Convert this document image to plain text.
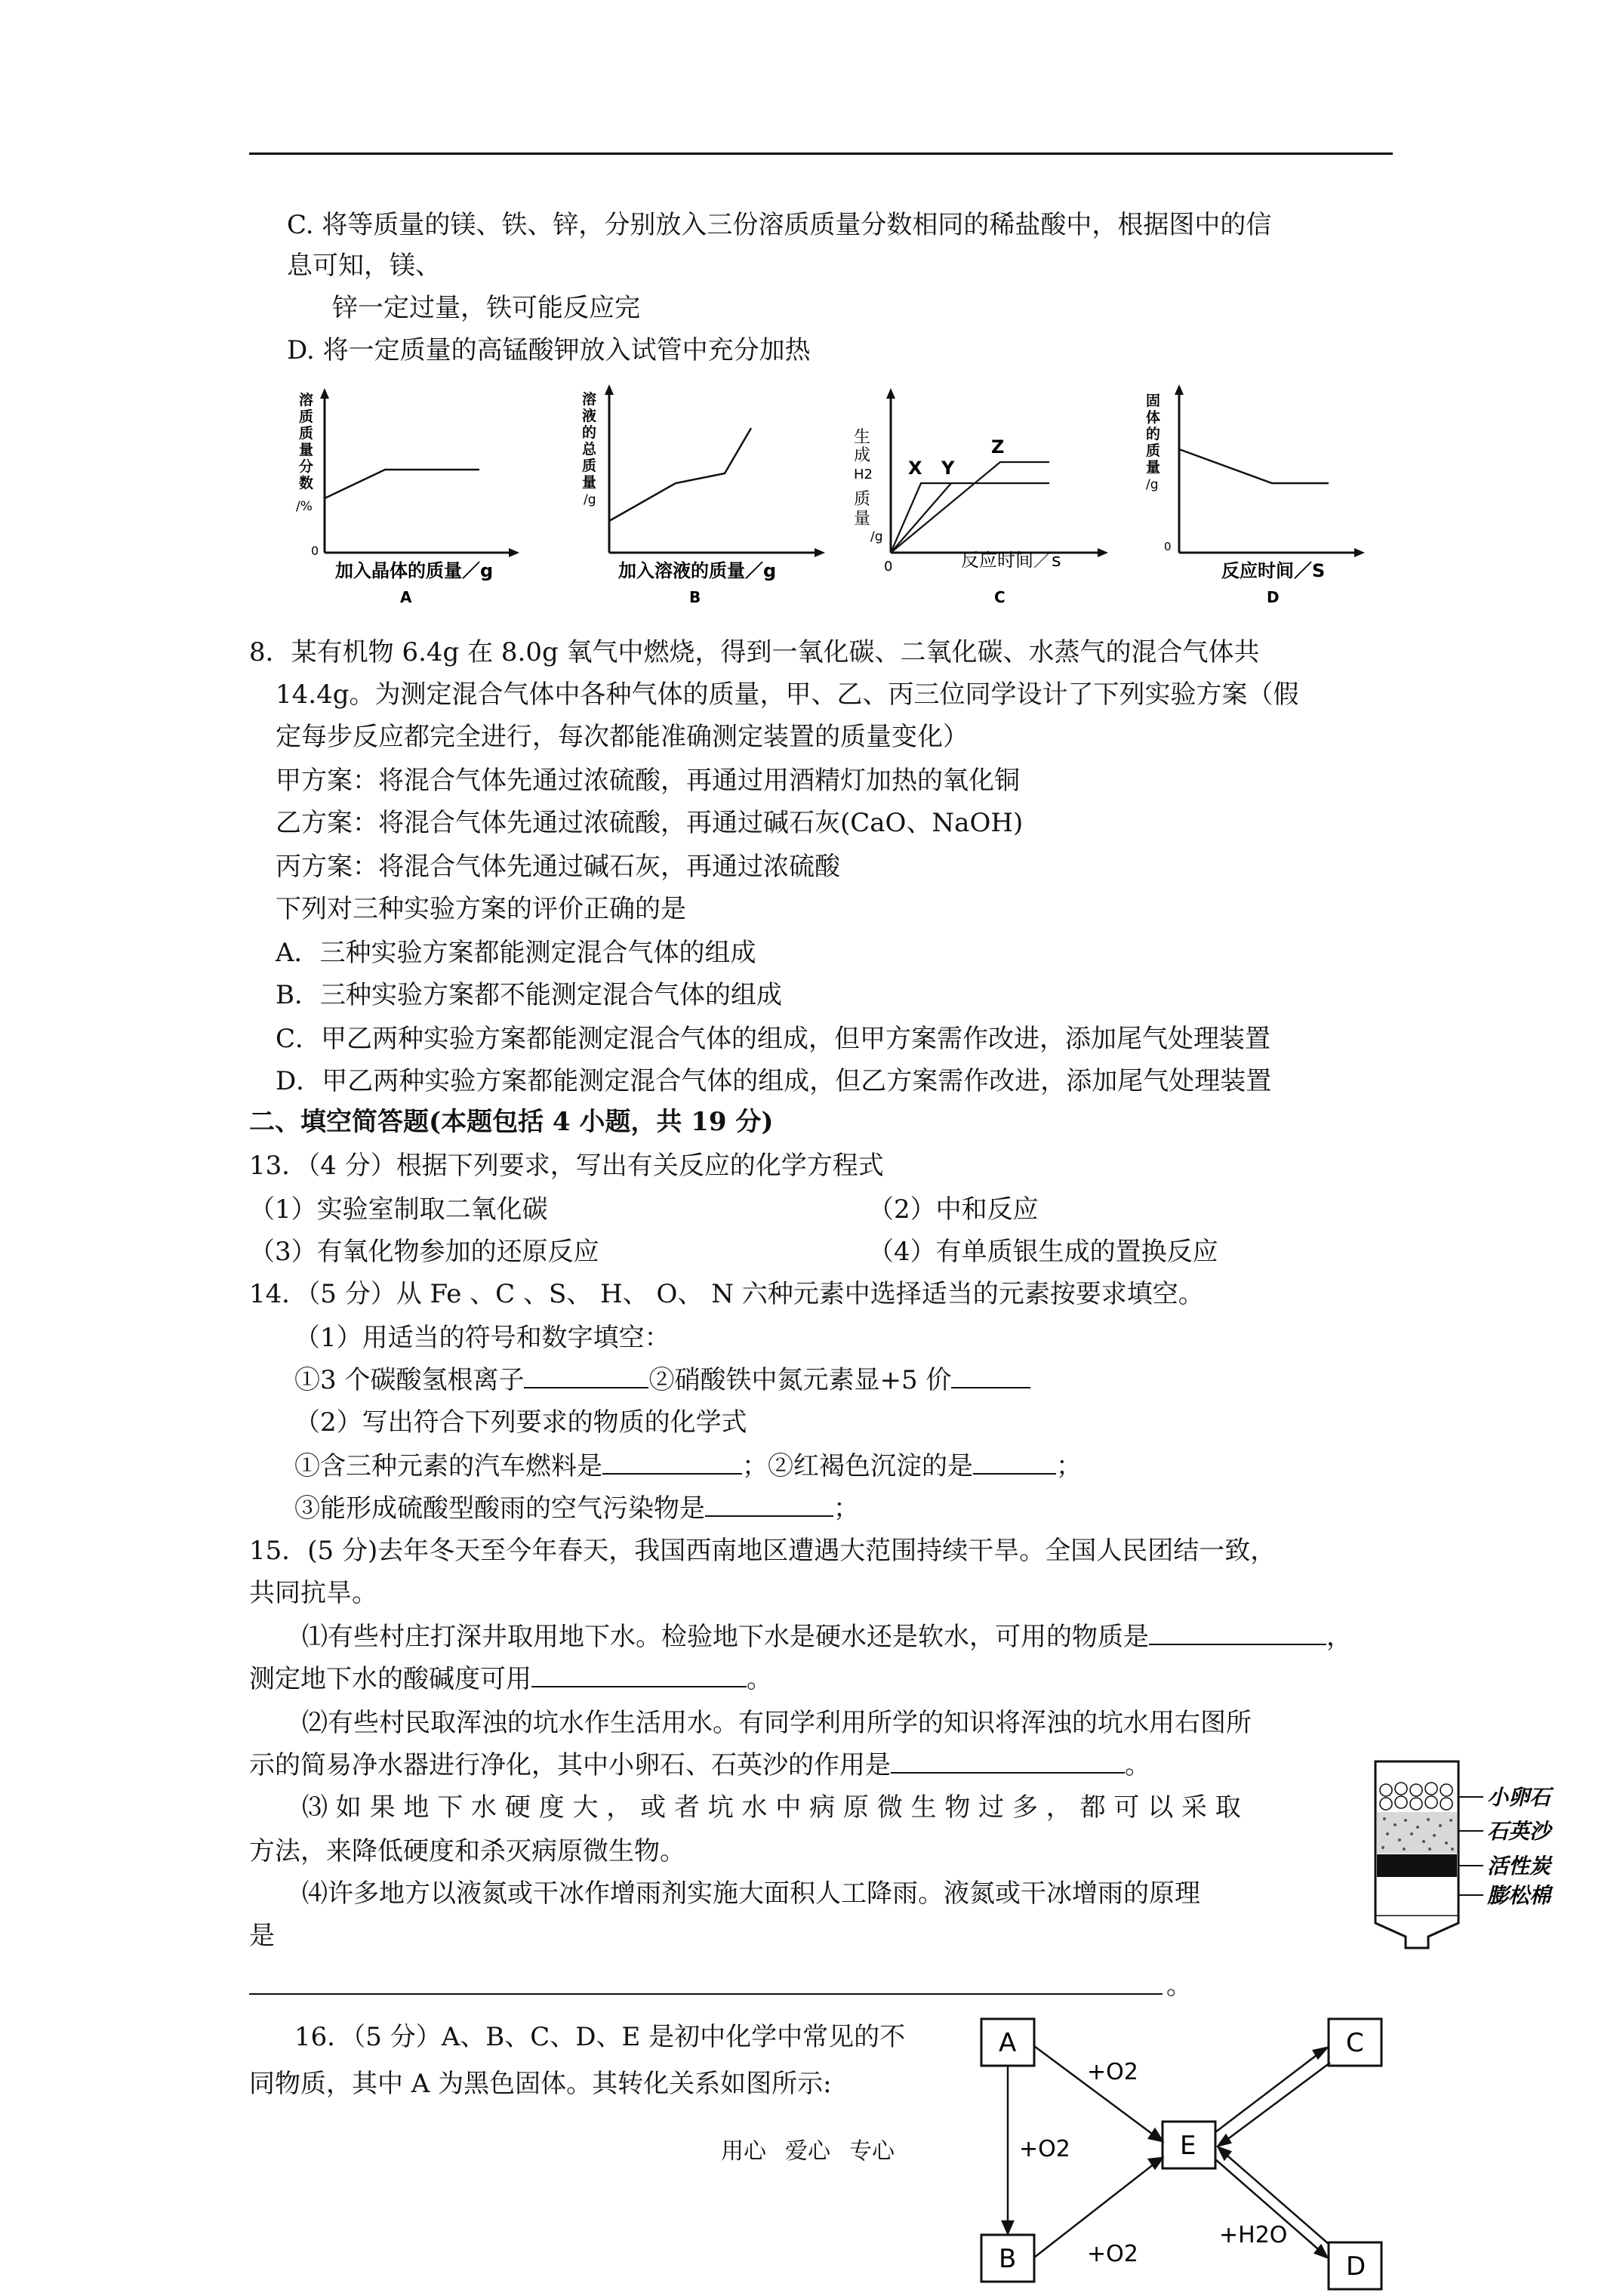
C. 将等质量的镁、铁、锌，分别放入三份溶质质量分数相同的稀盐酸中，根据图中的信
息可知，镁、
锌一定过量，铁可能反应完
D. 将一定质量的高锰酸钾放入试管中充分加热
溶
质
质
量
分
数
/%
0
加入晶体的质量／g
A
溶
液
的
总
质
量
/g
加入溶液的质量／g
B
X Y
Z
生
成
H2
质
量
/g
0	反应时间／s
C
固
体
的
质
量
/g
0
反应时间／S
D
8．某有机物 6.4g 在 8.0g 氧气中燃烧，得到一氧化碳、二氧化碳、水蒸气的混合气体共
14.4g。为测定混合气体中各种气体的质量，甲、乙、丙三位同学设计了下列实验方案（假
定每步反应都完全进行，每次都能准确测定装置的质量变化）
甲方案：将混合气体先通过浓硫酸，再通过用酒精灯加热的氧化铜
乙方案：将混合气体先通过浓硫酸，再通过碱石灰(CaO、NaOH)
丙方案：将混合气体先通过碱石灰，再通过浓硫酸
下列对三种实验方案的评价正确的是
A．三种实验方案都能测定混合气体的组成
B．三种实验方案都不能测定混合气体的组成
C．甲乙两种实验方案都能测定混合气体的组成，但甲方案需作改进，添加尾气处理装置
D．甲乙两种实验方案都能测定混合气体的组成，但乙方案需作改进，添加尾气处理装置
二、填空简答题(本题包括 4 小题，共 19 分)
13．（4 分）根据下列要求，写出有关反应的化学方程式
（1）实验室制取二氧化碳	（2）中和反应
（3）有氧化物参加的还原反应	（4）有单质银生成的置换反应
14．（5 分）从 Fe 、C 、S、 H、 O、 N 六种元素中选择适当的元素按要求填空。
（1）用适当的符号和数字填空：
①3 个碳酸氢根离子	②硝酸铁中氮元素显+5 价
（2）写出符合下列要求的物质的化学式
①含三种元素的汽车燃料是	；②红褐色沉淀的是	；
③能形成硫酸型酸雨的空气污染物是	；
15．(5 分)去年冬天至今年春天，我国西南地区遭遇大范围持续干旱。全国人民团结一致，
共同抗旱。
⑴有些村庄打深井取用地下水。检验地下水是硬水还是软水，可用的物质是	，
测定地下水的酸碱度可用	。
⑵有些村民取浑浊的坑水作生活用水。有同学利用所学的知识将浑浊的坑水用右图所
示的简易净水器进行净化，其中小卵石、石英沙的作用是	。
⑶ 如 果 地 下 水 硬 度 大 ， 或 者 坑 水 中 病 原 微 生 物 过 多 ， 都 可 以 采 取
方法，来降低硬度和杀灭病原微生物。
⑷许多地方以液氮或干冰作增雨剂实施大面积人工降雨。液氮或干冰增雨的原理
是
。
小卵石
石英沙
活性炭
膨松棉
16．（5 分）A、B、C、D、E 是初中化学中常见的不
同物质，其中 A 为黑色固体。其转化关系如图所示:
A
B
C
D
E
+O2
+O2
+O2
+H2O
用心 爱心 专心
